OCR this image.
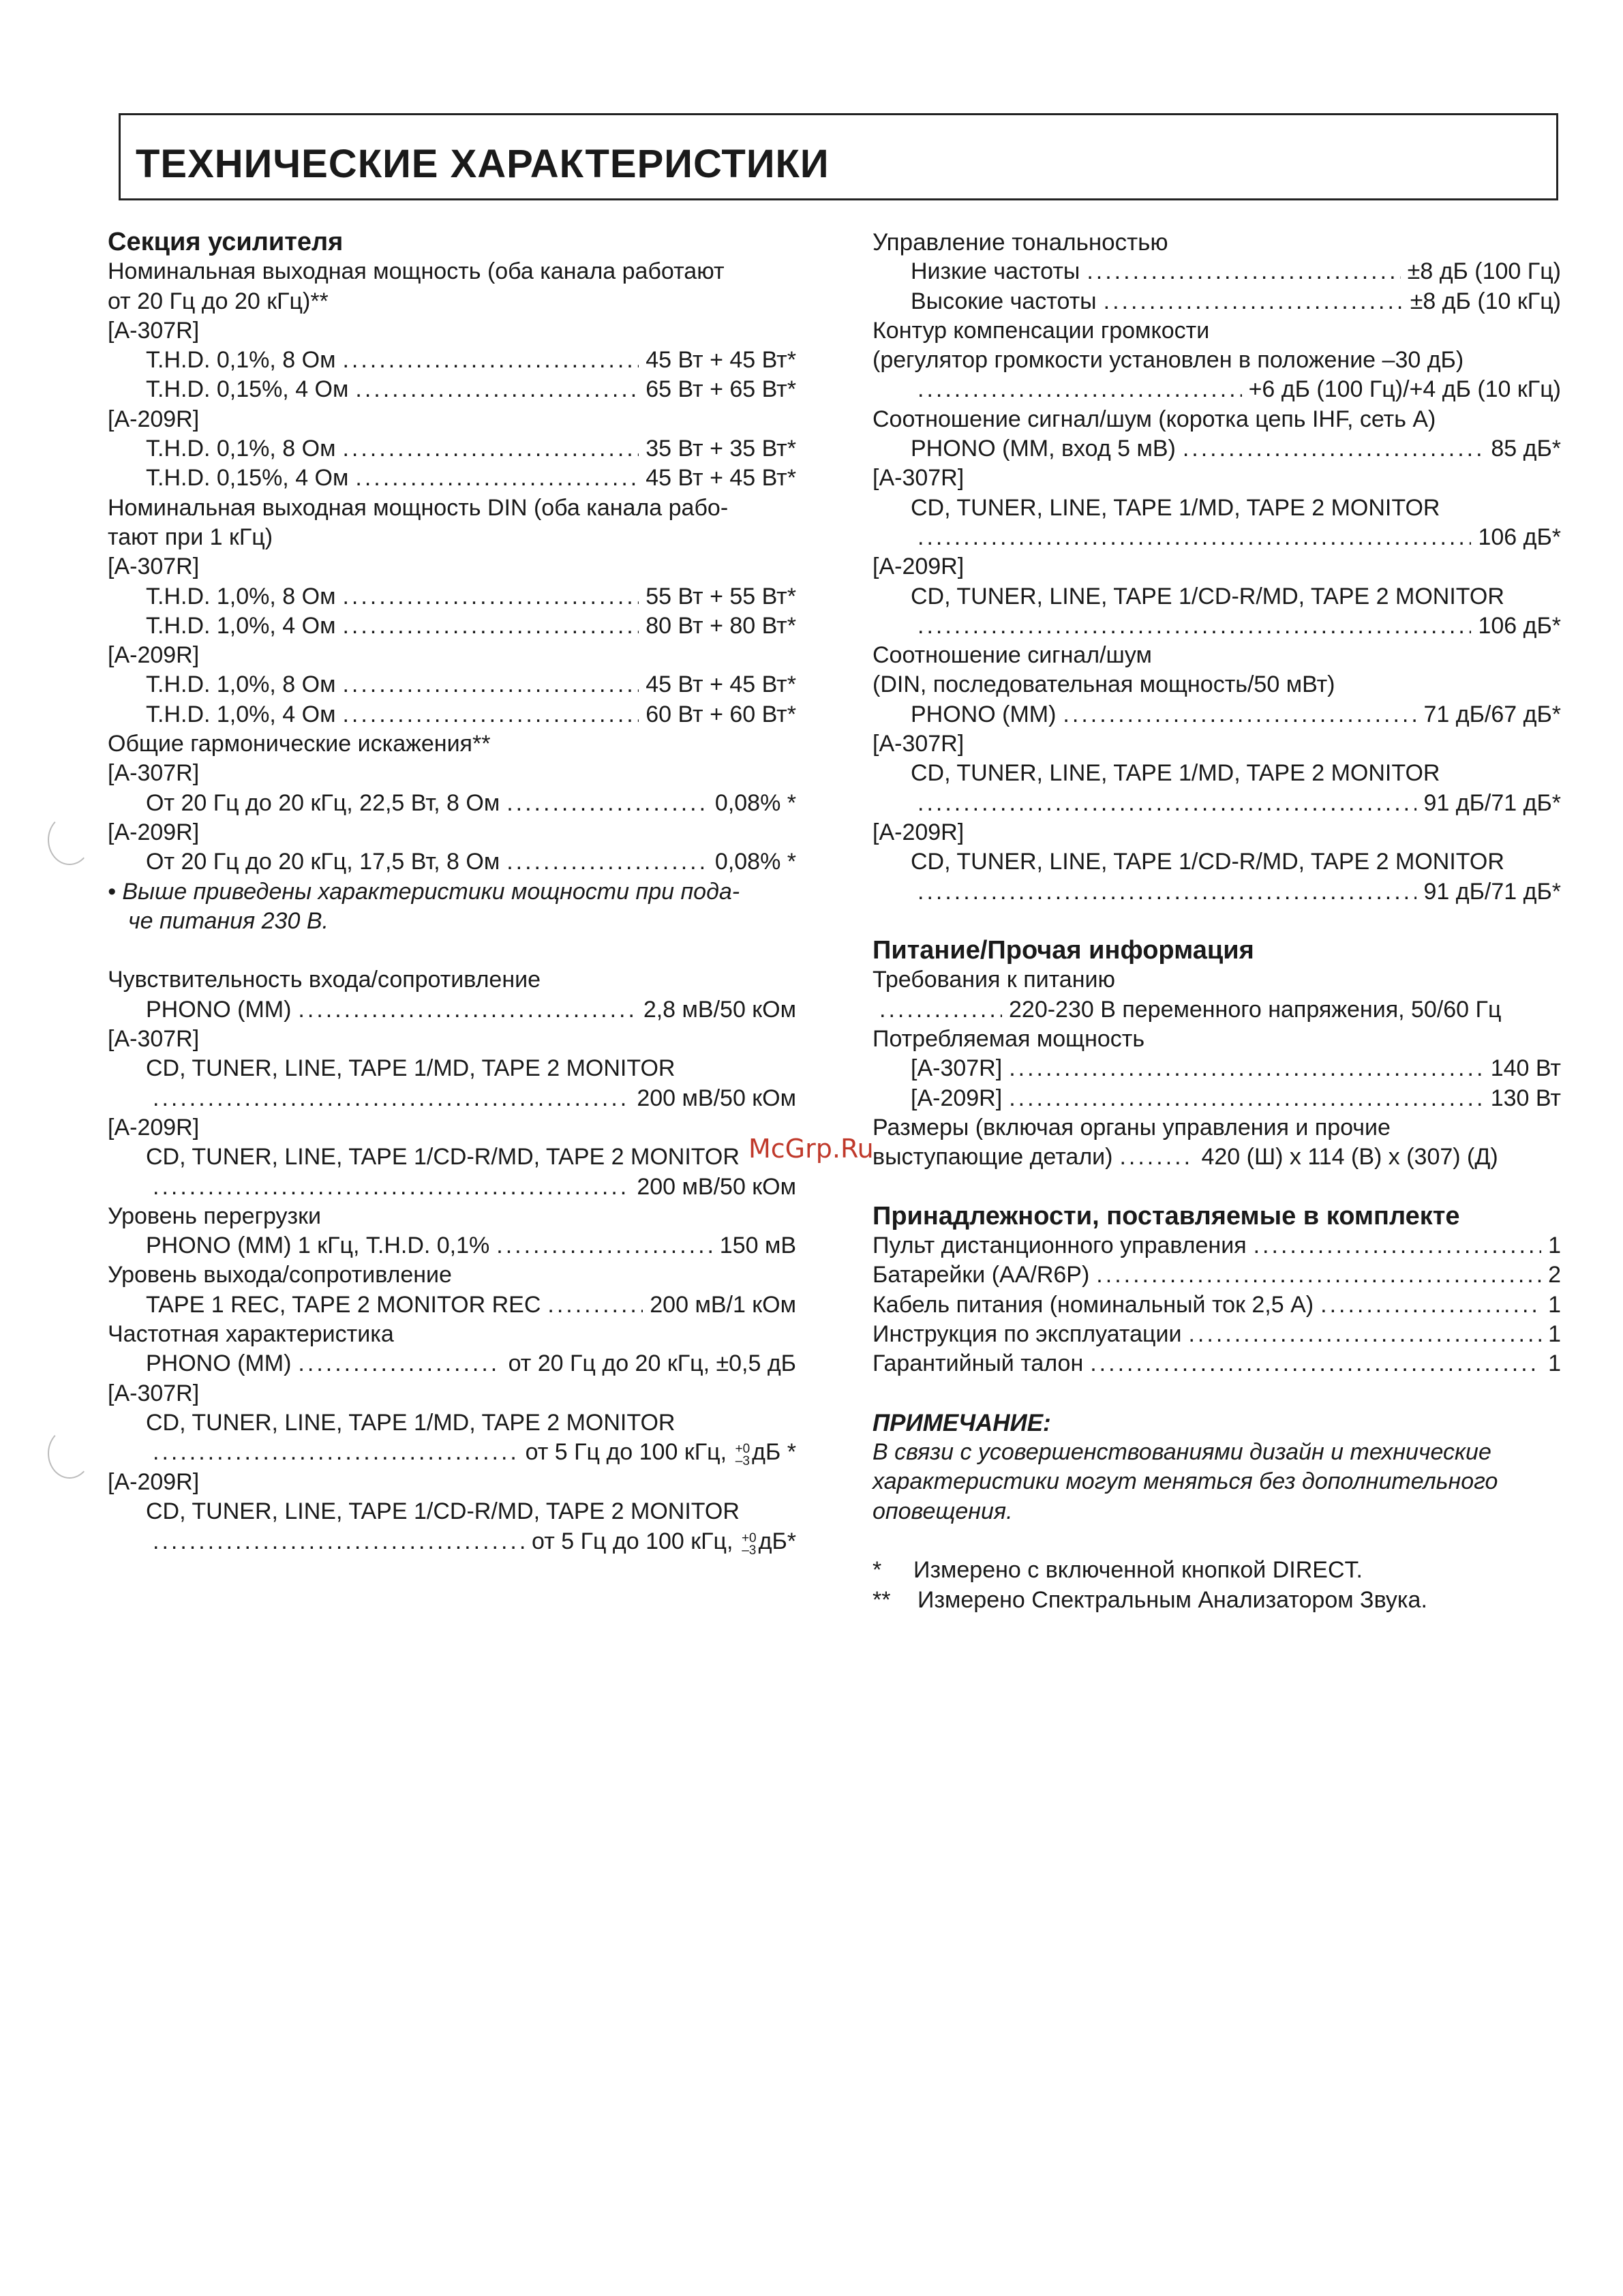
ТЕХНИЧЕСКИЕ ХАРАКТЕРИСТИКИ
McGrp.Ru
Секция усилителя
Номинальная выходная мощность (оба канала работают
от 20 Гц до 20 кГц)**
[A-307R]
T.H.D. 0,1%, 8 Ом .....	45 Вт + 45 Вт*
T.H.D. 0,15%, 4 Ом .....	65 Вт + 65 Вт*
[A-209R]
T.H.D. 0,1%, 8 Ом .....	35 Вт + 35 Вт*
T.H.D. 0,15%, 4 Ом .....	45 Вт + 45 Вт*
Номинальная выходная мощность DIN (оба канала рабо-
тают при 1 кГц)
[A-307R]
T.H.D. 1,0%, 8 Ом .....	55 Вт + 55 Вт*
T.H.D. 1,0%, 4 Ом .....	80 Вт + 80 Вт*
[A-209R]
T.H.D. 1,0%, 8 Ом .....	45 Вт + 45 Вт*
T.H.D. 1,0%, 4 Ом .....	60 Вт + 60 Вт*
Общие гармонические искажения**
[A-307R]
От 20 Гц до 20 кГц, 22,5 Вт, 8 Ом .....	0,08% *
[A-209R]
От 20 Гц до 20 кГц, 17,5 Вт, 8 Ом .....	0,08% *
• Выше приведены характеристики мощности при пода-
че питания 230 В.
Чувствительность входа/сопротивление
PHONO (MM) .....	2,8 мВ/50 кОм
[A-307R]
CD, TUNER, LINE, TAPE 1/MD, TAPE 2 MONITOR
.....
200 мВ/50 кОм
[A-209R]
CD, TUNER, LINE, TAPE 1/CD-R/MD, TAPE 2 MONITOR
.....
200 мВ/50 кОм
Уровень перегрузки
PHONO (MM) 1 кГц, T.H.D. 0,1% .....	150 мВ
Уровень выхода/сопротивление
TAPE 1 REC, TAPE 2 MONITOR REC .....	200 мВ/1 кОм
Частотная характеристика
PHONO (MM) .....	от 20 Гц до 20 кГц, ±0,5 дБ
[A-307R]
CD, TUNER, LINE, TAPE 1/MD, TAPE 2 MONITOR
.....
от 5 Гц до 100 кГц, +0
–3дБ *
[A-209R]
CD, TUNER, LINE, TAPE 1/CD-R/MD, TAPE 2 MONITOR
.....
от 5 Гц до 100 кГц, +0
–3дБ*
Управление тональностью
Низкие частоты .....	±8 дБ (100 Гц)
Высокие частоты .....	±8 дБ (10 кГц)
Контур компенсации громкости
(регулятор громкости установлен в положение –30 дБ)
.....
+6 дБ (100 Гц)/+4 дБ (10 кГц)
Соотношение сигнал/шум (коротка цепь IHF, сеть A)
PHONO (MM, вход 5 мВ) .....	85 дБ*
[A-307R]
CD, TUNER, LINE, TAPE 1/MD, TAPE 2 MONITOR
.....
106 дБ*
[A-209R]
CD, TUNER, LINE, TAPE 1/CD-R/MD, TAPE 2 MONITOR
.....
106 дБ*
Соотношение сигнал/шум
(DIN, последовательная мощность/50 мВт)
PHONO (MM) .....	71 дБ/67 дБ*
[A-307R]
CD, TUNER, LINE, TAPE 1/MD, TAPE 2 MONITOR
.....
91 дБ/71 дБ*
[A-209R]
CD, TUNER, LINE, TAPE 1/CD-R/MD, TAPE 2 MONITOR
.....
91 дБ/71 дБ*
Питание/Прочая информация
Требования к питанию
.....
220-230 В переменного напряжения, 50/60 Гц
Потребляемая мощность
[A-307R] .....	140 Вт
[A-209R] .....	130 Вт
Размеры (включая органы управления и прочие
выступающие детали) .....	420 (Ш) x 114 (В) x (307) (Д)
Принадлежности, поставляемые в комплекте
Пульт дистанционного управления .....	1
Батарейки (AA/R6P) .....	2
Кабель питания (номинальный ток 2,5 А) .....	1
Инструкция по эксплуатации .....	1
Гарантийный талон .....	1
ПРИМЕЧАНИЕ:
В связи с усовершенствованиями дизайн и технические
характеристики могут меняться без дополнительного
оповещения.
* Измерено с включенной кнопкой DIRECT.
** Измерено Спектральным Анализатором Звука.
